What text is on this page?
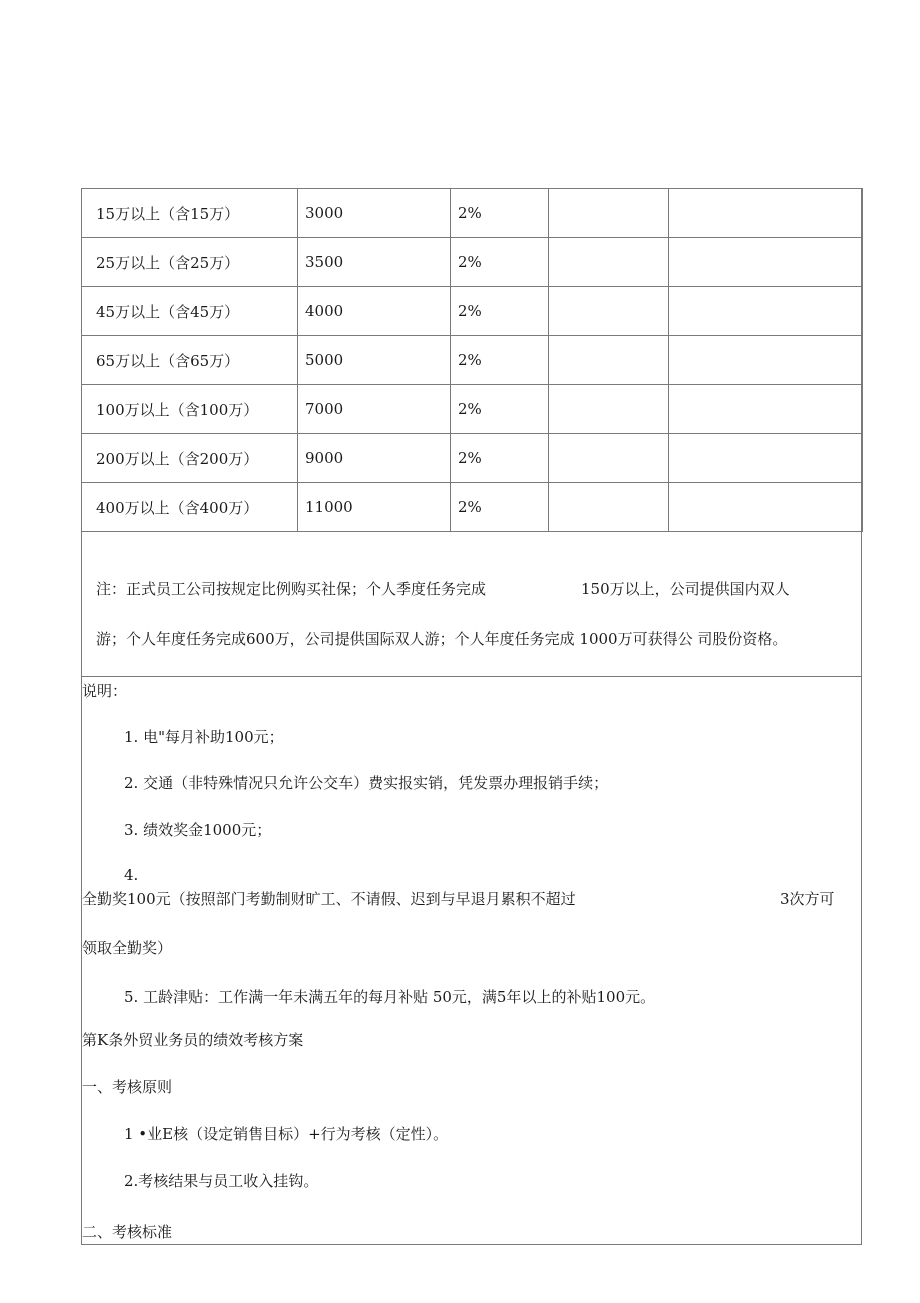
15万以上（含15万）	3000	2%		
25万以上（含25万）	3500	2%		
45万以上（含45万）	4000	2%		
65万以上（含65万）	5000	2%		
100万以上（含100万）	7000	2%		
200万以上（含200万）	9000	2%		
400万以上（含400万）	11000	2%		
注：正式员工公司按规定比例购买社保；个人季度任务完成	150万以上，公司提供国内双人
游；个人年度任务完成600万，公司提供国际双人游；个人年度任务完成 1000万可获得公 司股份资格。
说明：
1. 电"每月补助100元；
2. 交通（非特殊情况只允许公交车）费实报实销，凭发票办理报销手续；
3. 绩效奖金1000元；
4.
全勤奖100元（按照部门考勤制财旷工、不请假、迟到与早退月累积不超过	3次方可
领取全勤奖）
5. 工龄津贴：工作满一年未满五年的每月补贴 50元，满5年以上的补贴100元。
第K条外贸业务员的绩效考核方案
一、考核原则
1 •业E核（设定销售目标）+行为考核（定性）。
2.考核结果与员工收入挂钩。
二、考核标准
